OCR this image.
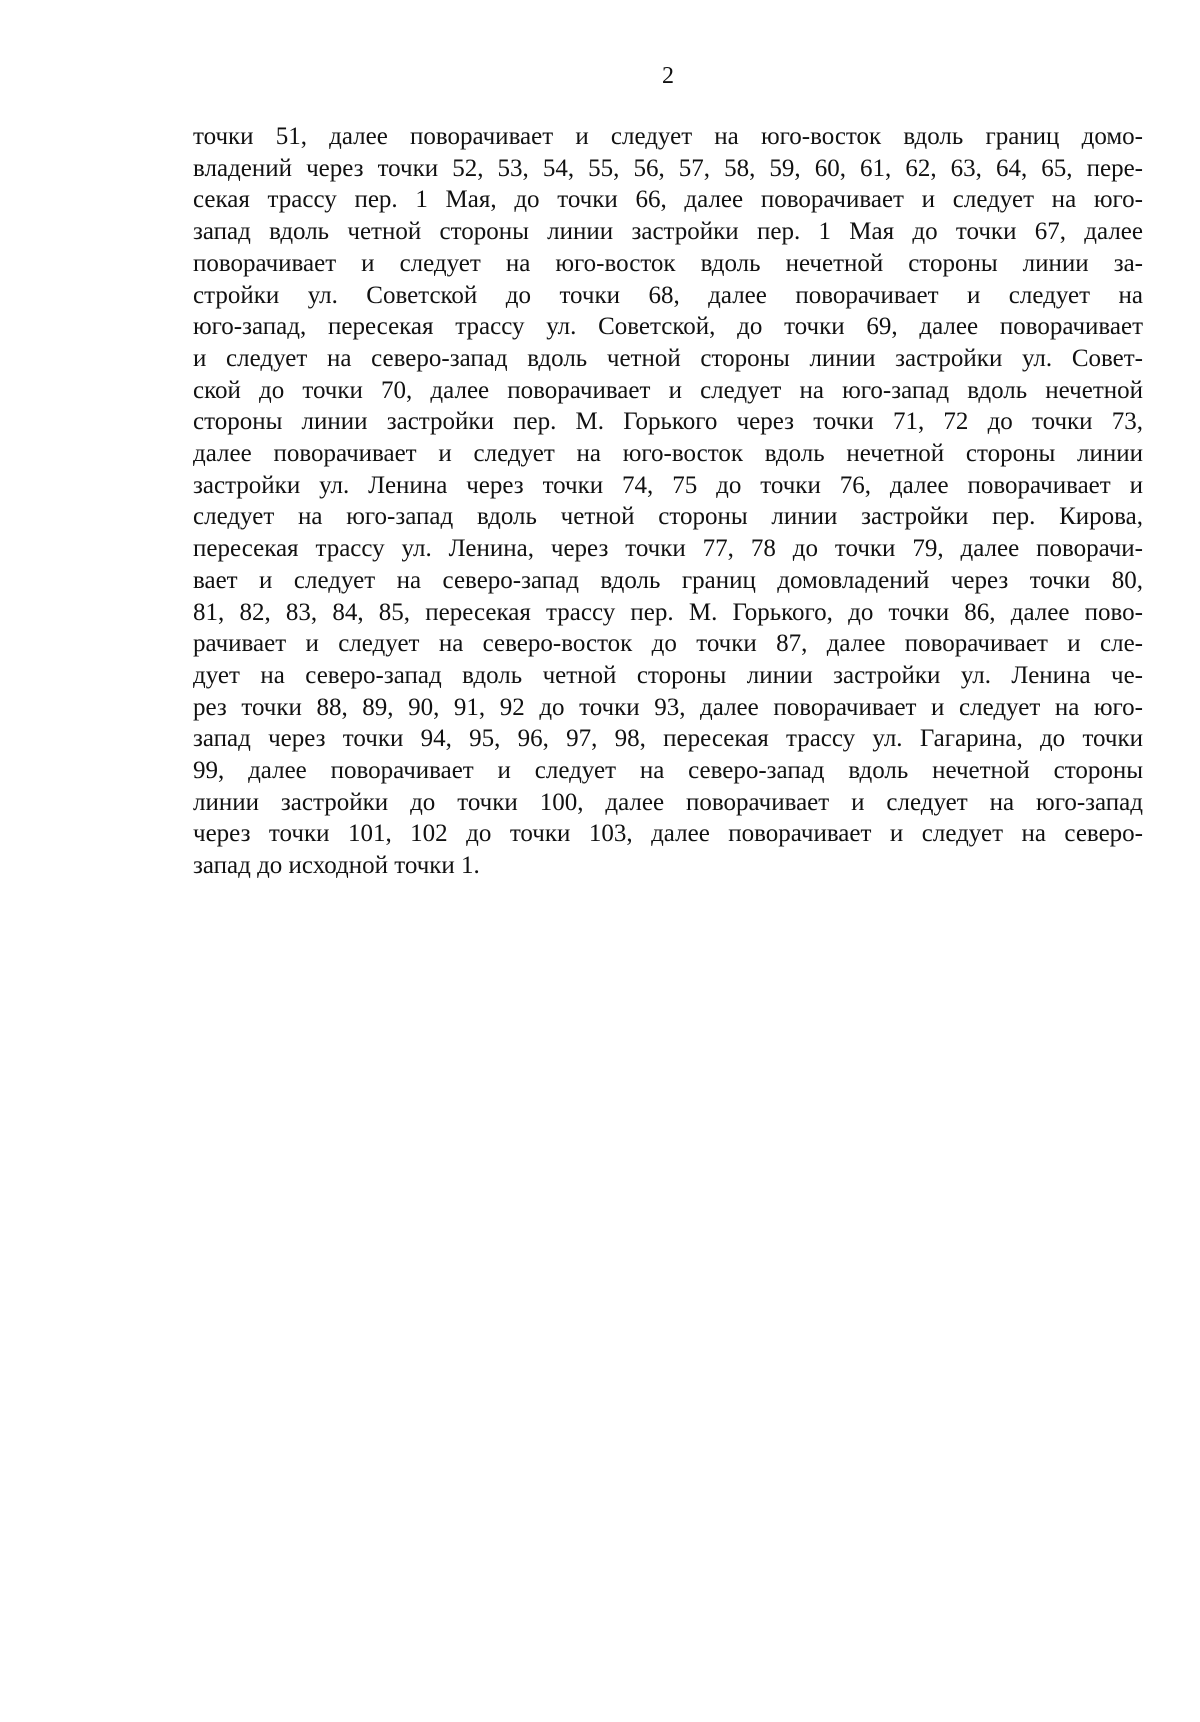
2
точки 51, далее поворачивает и следует на юго-восток вдоль границ домо-
владений через точки 52, 53, 54, 55, 56, 57, 58, 59, 60, 61, 62, 63, 64, 65, пере-
секая трассу пер. 1 Мая, до точки 66, далее поворачивает и следует на юго-
запад вдоль четной стороны линии застройки пер. 1 Мая до точки 67, далее
поворачивает и следует на юго-восток вдоль нечетной стороны линии за-
стройки ул. Советской до точки 68, далее поворачивает и следует на
юго-запад, пересекая трассу ул. Советской, до точки 69, далее поворачивает
и следует на северо-запад вдоль четной стороны линии застройки ул. Совет-
ской до точки 70, далее поворачивает и следует на юго-запад вдоль нечетной
стороны линии застройки пер. М. Горького через точки 71, 72 до точки 73,
далее поворачивает и следует на юго-восток вдоль нечетной стороны линии
застройки ул. Ленина через точки 74, 75 до точки 76, далее поворачивает и
следует на юго-запад вдоль четной стороны линии застройки пер. Кирова,
пересекая трассу ул. Ленина, через точки 77, 78 до точки 79, далее поворачи-
вает и следует на северо-запад вдоль границ домовладений через точки 80,
81, 82, 83, 84, 85, пересекая трассу пер. М. Горького, до точки 86, далее пово-
рачивает и следует на северо-восток до точки 87, далее поворачивает и сле-
дует на северо-запад вдоль четной стороны линии застройки ул. Ленина че-
рез точки 88, 89, 90, 91, 92 до точки 93, далее поворачивает и следует на юго-
запад через точки 94, 95, 96, 97, 98, пересекая трассу ул. Гагарина, до точки
99, далее поворачивает и следует на северо-запад вдоль нечетной стороны
линии застройки до точки 100, далее поворачивает и следует на юго-запад
через точки 101, 102 до точки 103, далее поворачивает и следует на северо-
запад до исходной точки 1.
